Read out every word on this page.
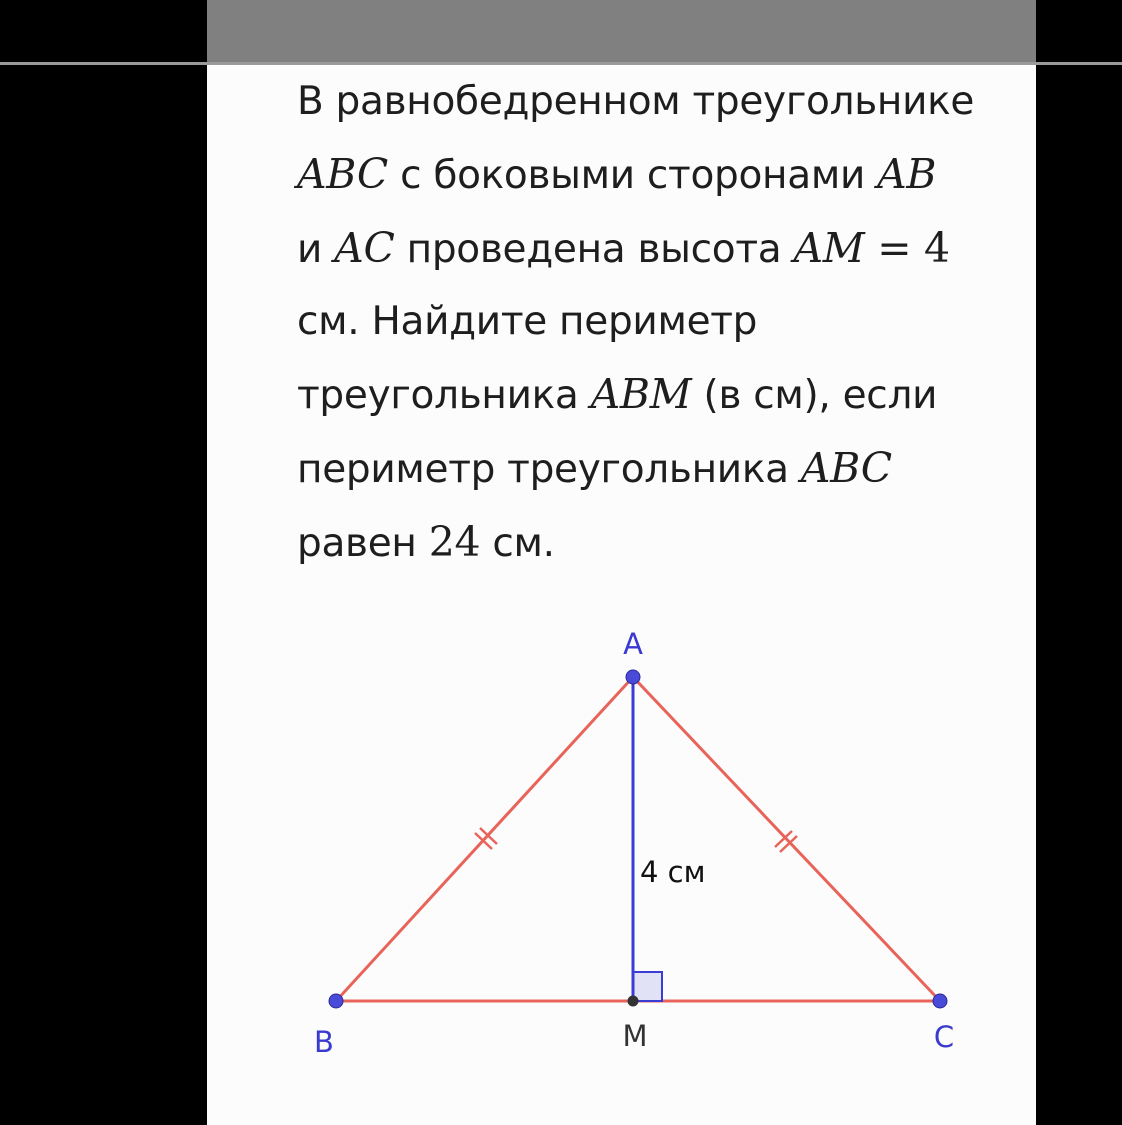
В равнобедренном треугольнике

ABC с боковыми сторонами AB

и AC проведена высота AM = 4

см. Найдите периметр

треугольника ABM (в см), если

периметр треугольника ABC

равен 24 см.

A
B	C
M
4 см
